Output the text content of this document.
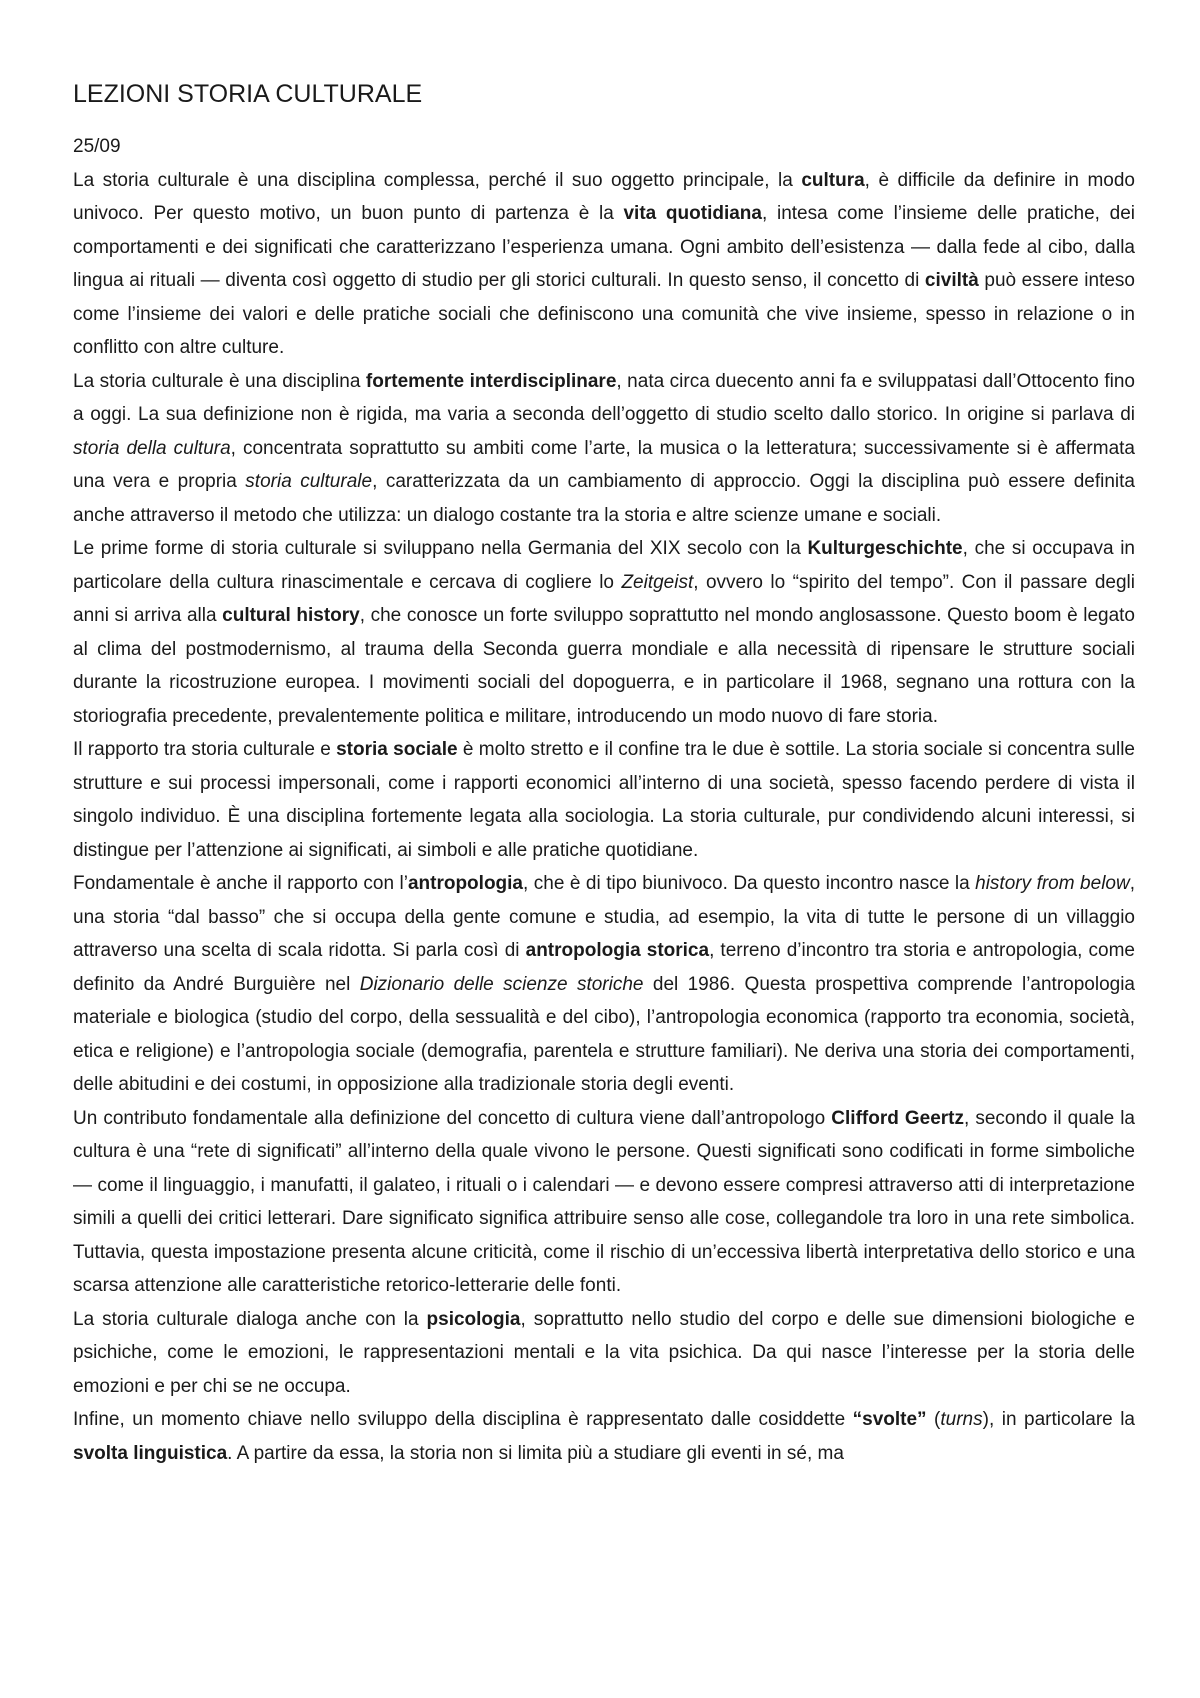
LEZIONI STORIA CULTURALE

25/09

La storia culturale è una disciplina complessa, perché il suo oggetto principale, la cultura, è difficile da definire in modo univoco. Per questo motivo, un buon punto di partenza è la vita quotidiana, intesa come l’insieme delle pratiche, dei comportamenti e dei significati che caratterizzano l’esperienza umana. Ogni ambito dell’esistenza — dalla fede al cibo, dalla lingua ai rituali — diventa così oggetto di studio per gli storici culturali. In questo senso, il concetto di civiltà può essere inteso come l’insieme dei valori e delle pratiche sociali che definiscono una comunità che vive insieme, spesso in relazione o in conflitto con altre culture.

La storia culturale è una disciplina fortemente interdisciplinare, nata circa duecento anni fa e sviluppatasi dall’Ottocento fino a oggi. La sua definizione non è rigida, ma varia a seconda dell’oggetto di studio scelto dallo storico. In origine si parlava di storia della cultura, concentrata soprattutto su ambiti come l’arte, la musica o la letteratura; successivamente si è affermata una vera e propria storia culturale, caratterizzata da un cambiamento di approccio. Oggi la disciplina può essere definita anche attraverso il metodo che utilizza: un dialogo costante tra la storia e altre scienze umane e sociali.

Le prime forme di storia culturale si sviluppano nella Germania del XIX secolo con la Kulturgeschichte, che si occupava in particolare della cultura rinascimentale e cercava di cogliere lo Zeitgeist, ovvero lo “spirito del tempo”. Con il passare degli anni si arriva alla cultural history, che conosce un forte sviluppo soprattutto nel mondo anglosassone. Questo boom è legato al clima del postmodernismo, al trauma della Seconda guerra mondiale e alla necessità di ripensare le strutture sociali durante la ricostruzione europea. I movimenti sociali del dopoguerra, e in particolare il 1968, segnano una rottura con la storiografia precedente, prevalentemente politica e militare, introducendo un modo nuovo di fare storia.

Il rapporto tra storia culturale e storia sociale è molto stretto e il confine tra le due è sottile. La storia sociale si concentra sulle strutture e sui processi impersonali, come i rapporti economici all’interno di una società, spesso facendo perdere di vista il singolo individuo. È una disciplina fortemente legata alla sociologia. La storia culturale, pur condividendo alcuni interessi, si distingue per l’attenzione ai significati, ai simboli e alle pratiche quotidiane.

Fondamentale è anche il rapporto con l’antropologia, che è di tipo biunivoco. Da questo incontro nasce la history from below, una storia “dal basso” che si occupa della gente comune e studia, ad esempio, la vita di tutte le persone di un villaggio attraverso una scelta di scala ridotta. Si parla così di antropologia storica, terreno d’incontro tra storia e antropologia, come definito da André Burguière nel Dizionario delle scienze storiche del 1986. Questa prospettiva comprende l’antropologia materiale e biologica (studio del corpo, della sessualità e del cibo), l’antropologia economica (rapporto tra economia, società, etica e religione) e l’antropologia sociale (demografia, parentela e strutture familiari). Ne deriva una storia dei comportamenti, delle abitudini e dei costumi, in opposizione alla tradizionale storia degli eventi.

Un contributo fondamentale alla definizione del concetto di cultura viene dall’antropologo Clifford Geertz, secondo il quale la cultura è una “rete di significati” all’interno della quale vivono le persone. Questi significati sono codificati in forme simboliche — come il linguaggio, i manufatti, il galateo, i rituali o i calendari — e devono essere compresi attraverso atti di interpretazione simili a quelli dei critici letterari. Dare significato significa attribuire senso alle cose, collegandole tra loro in una rete simbolica. Tuttavia, questa impostazione presenta alcune criticità, come il rischio di un’eccessiva libertà interpretativa dello storico e una scarsa attenzione alle caratteristiche retorico-letterarie delle fonti.

La storia culturale dialoga anche con la psicologia, soprattutto nello studio del corpo e delle sue dimensioni biologiche e psichiche, come le emozioni, le rappresentazioni mentali e la vita psichica. Da qui nasce l’interesse per la storia delle emozioni e per chi se ne occupa.

Infine, un momento chiave nello sviluppo della disciplina è rappresentato dalle cosiddette “svolte” (turns), in particolare la svolta linguistica. A partire da essa, la storia non si limita più a studiare gli eventi in sé, ma
